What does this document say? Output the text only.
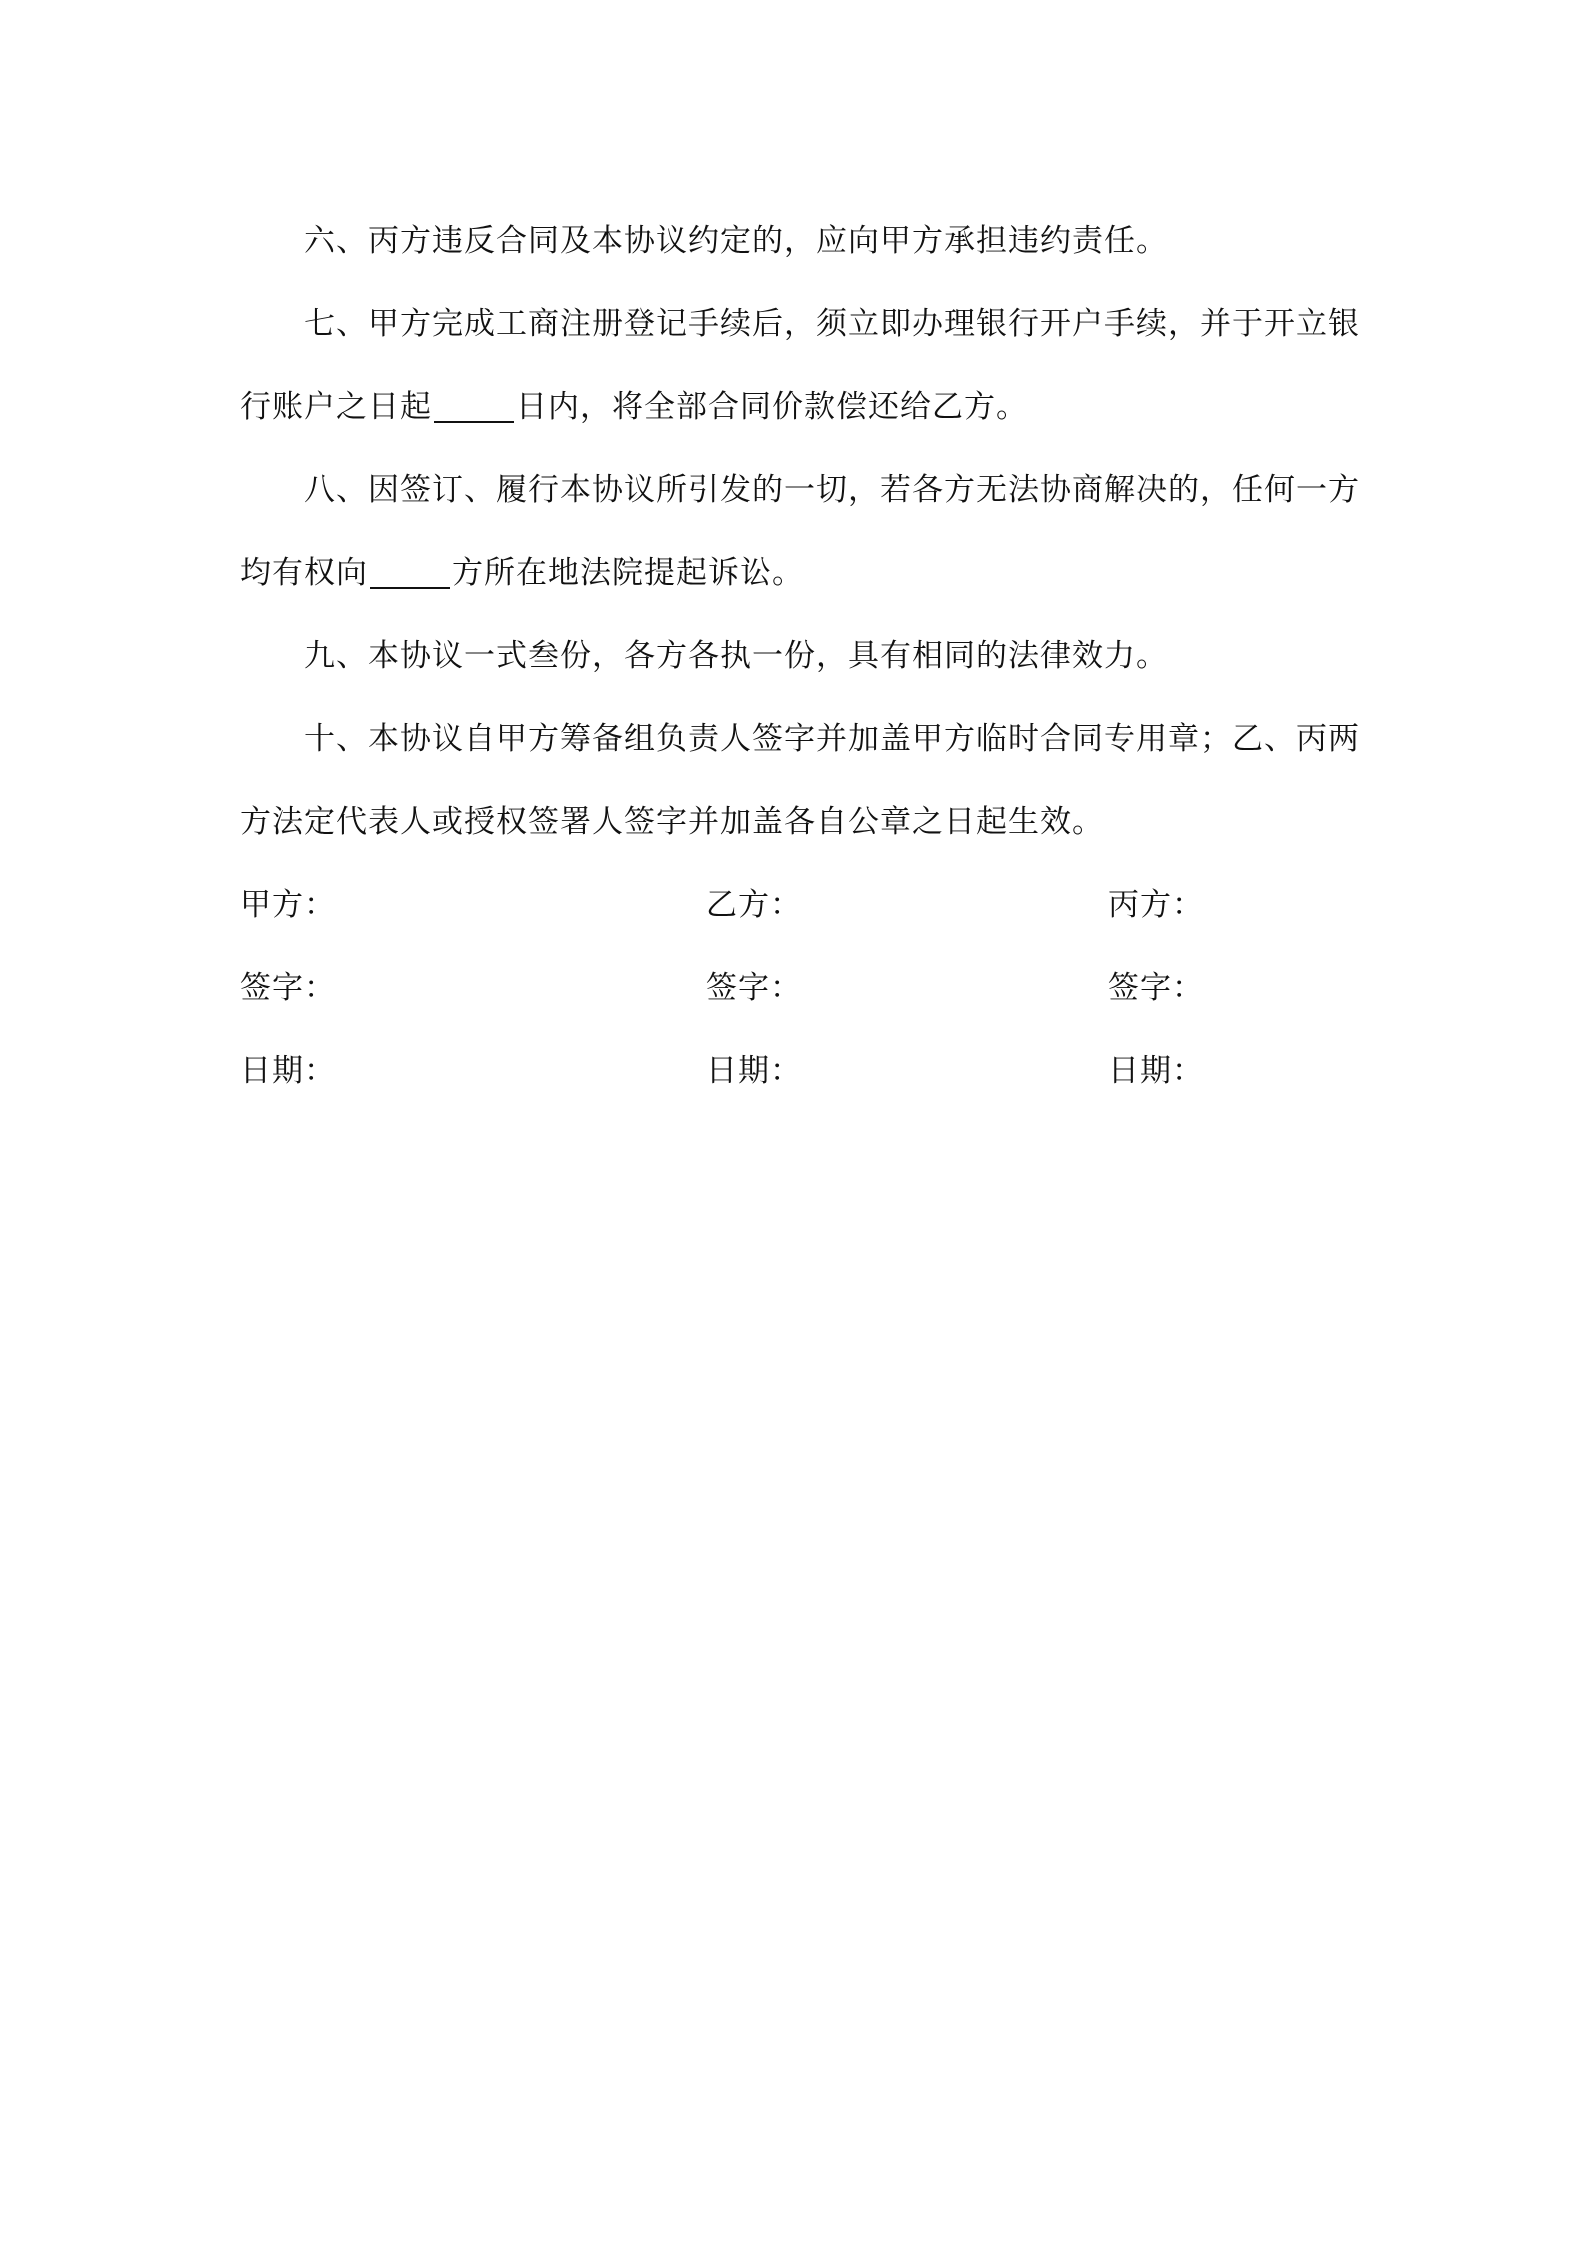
六、丙方违反合同及本协议约定的，应向甲方承担违约责任。
七、甲方完成工商注册登记手续后，须立即办理银行开户手续，并于开立银
行账户之日起	日内，将全部合同价款偿还给乙方。
八、因签订、履行本协议所引发的一切，若各方无法协商解决的，任何一方
均有权向	方所在地法院提起诉讼。
九、本协议一式叁份，各方各执一份，具有相同的法律效力。
十、本协议自甲方筹备组负责人签字并加盖甲方临时合同专用章；乙、丙两
方法定代表人或授权签署人签字并加盖各自公章之日起生效。
甲方：	乙方：	丙方：
签字：	签字：	签字：
日期：	日期：	日期：
